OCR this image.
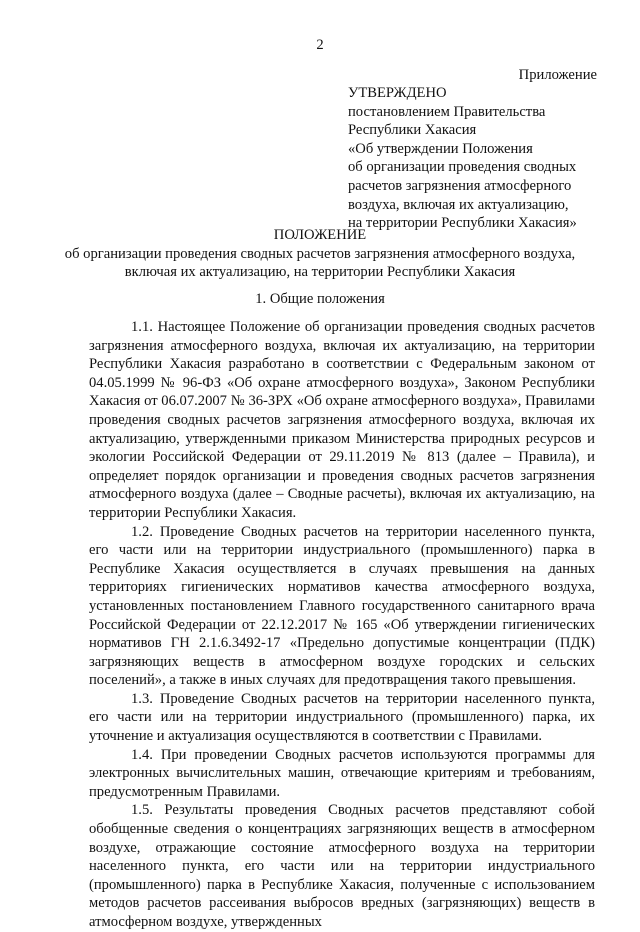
2
Приложение
УТВЕРЖДЕНО
постановлением Правительства
Республики Хакасия
«Об утверждении Положения
об организации проведения сводных
расчетов загрязнения атмосферного
воздуха, включая их актуализацию,
на территории Республики Хакасия»
ПОЛОЖЕНИЕ
об организации проведения сводных расчетов загрязнения атмосферного воздуха,
включая их актуализацию, на территории Республики Хакасия
1. Общие положения

1.1. Настоящее Положение об организации проведения сводных расчетов загрязнения атмосферного воздуха, включая их актуализацию, на территории Республики Хакасия разработано в соответствии с Федеральным законом от 04.05.1999 № 96-ФЗ «Об охране атмосферного воздуха», Законом Республики Хакасия от 06.07.2007 № 36-ЗРХ «Об охране атмосферного воздуха», Правилами проведения сводных расчетов загрязнения атмосферного воздуха, включая их актуализацию, утвержденными приказом Министерства природных ресурсов и экологии Российской Федерации от 29.11.2019 № 813 (далее – Правила), и определяет порядок организации и проведения сводных расчетов загрязнения атмосферного воздуха (далее – Сводные расчеты), включая их актуализацию, на территории Республики Хакасия.

1.2. Проведение Сводных расчетов на территории населенного пункта, его части или на территории индустриального (промышленного) парка в Республике Хакасия осуществляется в случаях превышения на данных территориях гигиенических нормативов качества атмосферного воздуха, установленных постановлением Главного государственного санитарного врача Российской Федерации от 22.12.2017 № 165 «Об утверждении гигиенических нормативов ГН 2.1.6.3492-17 «Предельно допустимые концентрации (ПДК) загрязняющих веществ в атмосферном воздухе городских и сельских поселений», а также в иных случаях для предотвращения такого превышения.

1.3. Проведение Сводных расчетов на территории населенного пункта, его части или на территории индустриального (промышленного) парка, их уточнение и актуализация осуществляются в соответствии с Правилами.

1.4. При проведении Сводных расчетов используются программы для электронных вычислительных машин, отвечающие критериям и требованиям, предусмотренным Правилами.

1.5. Результаты проведения Сводных расчетов представляют собой обобщенные сведения о концентрациях загрязняющих веществ в атмосферном воздухе, отражающие состояние атмосферного воздуха на территории населенного пункта, его части или на территории индустриального (промышленного) парка в Республике Хакасия, полученные с использованием методов расчетов рассеивания выбросов вредных (загрязняющих) веществ в атмосферном воздухе, утвержденных
